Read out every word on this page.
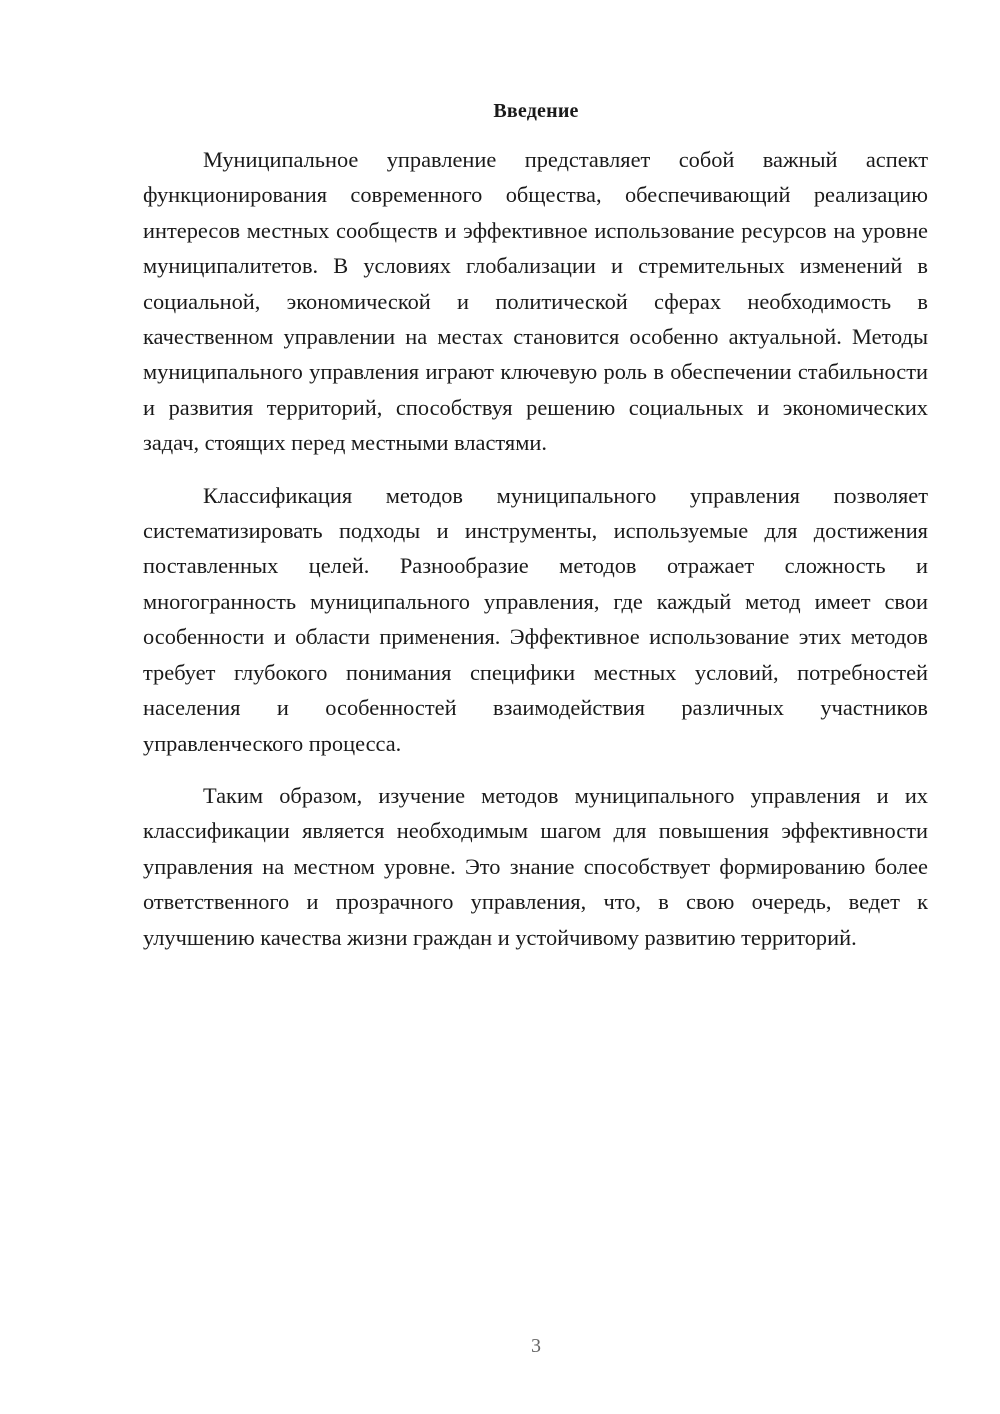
Введение

Муниципальное управление представляет собой важный аспект функционирования современного общества, обеспечивающий реализацию интересов местных сообществ и эффективное использование ресурсов на уровне муниципалитетов. В условиях глобализации и стремительных изменений в социальной, экономической и политической сферах необходимость в качественном управлении на местах становится особенно актуальной. Методы муниципального управления играют ключевую роль в обеспечении стабильности и развития территорий, способствуя решению социальных и экономических задач, стоящих перед местными властями.

Классификация методов муниципального управления позволяет систематизировать подходы и инструменты, используемые для достижения поставленных целей. Разнообразие методов отражает сложность и многогранность муниципального управления, где каждый метод имеет свои особенности и области применения. Эффективное использование этих методов требует глубокого понимания специфики местных условий, потребностей населения и особенностей взаимодействия различных участников управленческого процесса.

Таким образом, изучение методов муниципального управления и их классификации является необходимым шагом для повышения эффективности управления на местном уровне. Это знание способствует формированию более ответственного и прозрачного управления, что, в свою очередь, ведет к улучшению качества жизни граждан и устойчивому развитию территорий.

3
